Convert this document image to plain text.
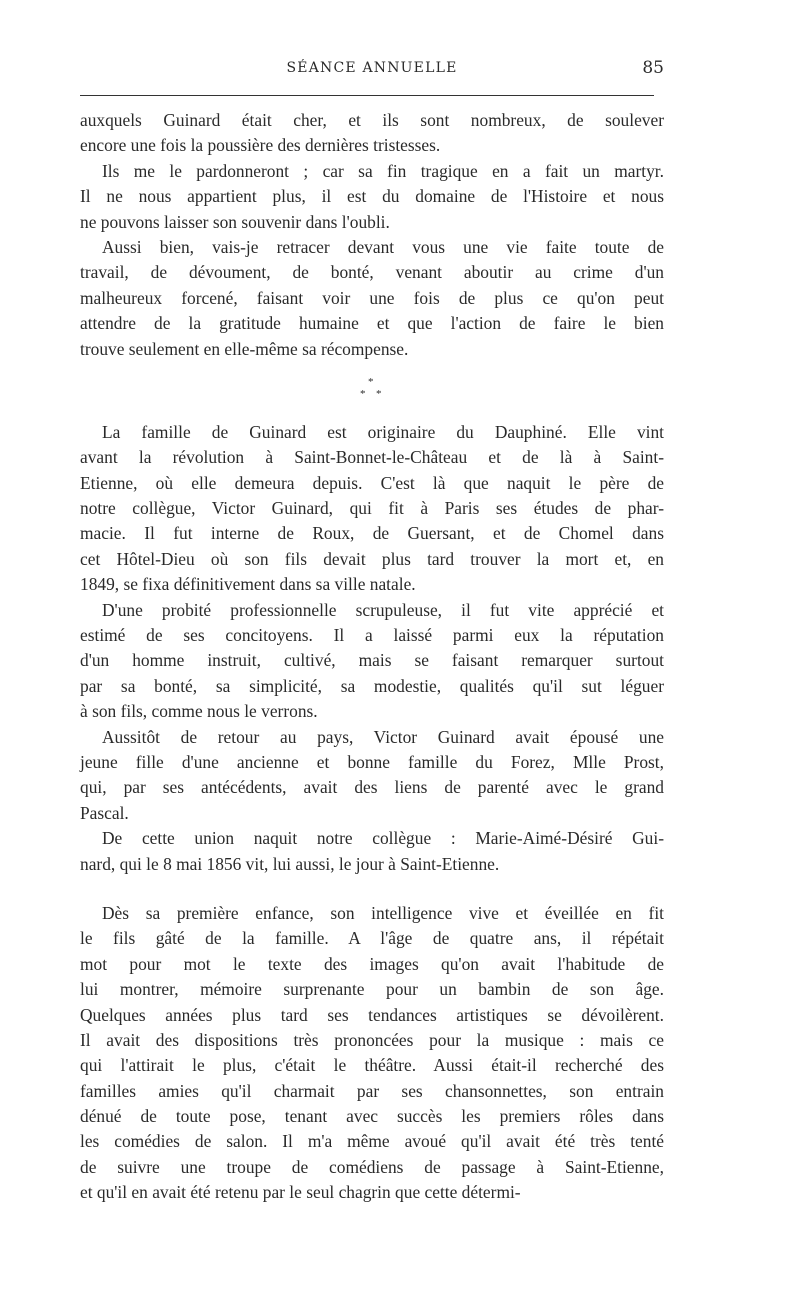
SÉANCE ANNUELLE	85
auxquels Guinard était cher, et ils sont nombreux, de soulever
encore une fois la poussière des dernières tristesses.
Ils me le pardonneront ; car sa fin tragique en a fait un martyr.
Il ne nous appartient plus, il est du domaine de l'Histoire et nous
ne pouvons laisser son souvenir dans l'oubli.
Aussi bien, vais-je retracer devant vous une vie faite toute de
travail, de dévoument, de bonté, venant aboutir au crime d'un
malheureux forcené, faisant voir une fois de plus ce qu'on peut
attendre de la gratitude humaine et que l'action de faire le bien
trouve seulement en elle-même sa récompense.
*
* *
La famille de Guinard est originaire du Dauphiné. Elle vint
avant la révolution à Saint-Bonnet-le-Château et de là à Saint-
Etienne, où elle demeura depuis. C'est là que naquit le père de
notre collègue, Victor Guinard, qui fit à Paris ses études de phar-
macie. Il fut interne de Roux, de Guersant, et de Chomel dans
cet Hôtel-Dieu où son fils devait plus tard trouver la mort et, en
1849, se fixa définitivement dans sa ville natale.
D'une probité professionnelle scrupuleuse, il fut vite apprécié et
estimé de ses concitoyens. Il a laissé parmi eux la réputation
d'un homme instruit, cultivé, mais se faisant remarquer surtout
par sa bonté, sa simplicité, sa modestie, qualités qu'il sut léguer
à son fils, comme nous le verrons.
Aussitôt de retour au pays, Victor Guinard avait épousé une
jeune fille d'une ancienne et bonne famille du Forez, Mlle Prost,
qui, par ses antécédents, avait des liens de parenté avec le grand
Pascal.
De cette union naquit notre collègue : Marie-Aimé-Désiré Gui-
nard, qui le 8 mai 1856 vit, lui aussi, le jour à Saint-Etienne.
Dès sa première enfance, son intelligence vive et éveillée en fit
le fils gâté de la famille. A l'âge de quatre ans, il répétait
mot pour mot le texte des images qu'on avait l'habitude de
lui montrer, mémoire surprenante pour un bambin de son âge.
Quelques années plus tard ses tendances artistiques se dévoilèrent.
Il avait des dispositions très prononcées pour la musique : mais ce
qui l'attirait le plus, c'était le théâtre. Aussi était-il recherché des
familles amies qu'il charmait par ses chansonnettes, son entrain
dénué de toute pose, tenant avec succès les premiers rôles dans
les comédies de salon. Il m'a même avoué qu'il avait été très tenté
de suivre une troupe de comédiens de passage à Saint-Etienne,
et qu'il en avait été retenu par le seul chagrin que cette détermi-
